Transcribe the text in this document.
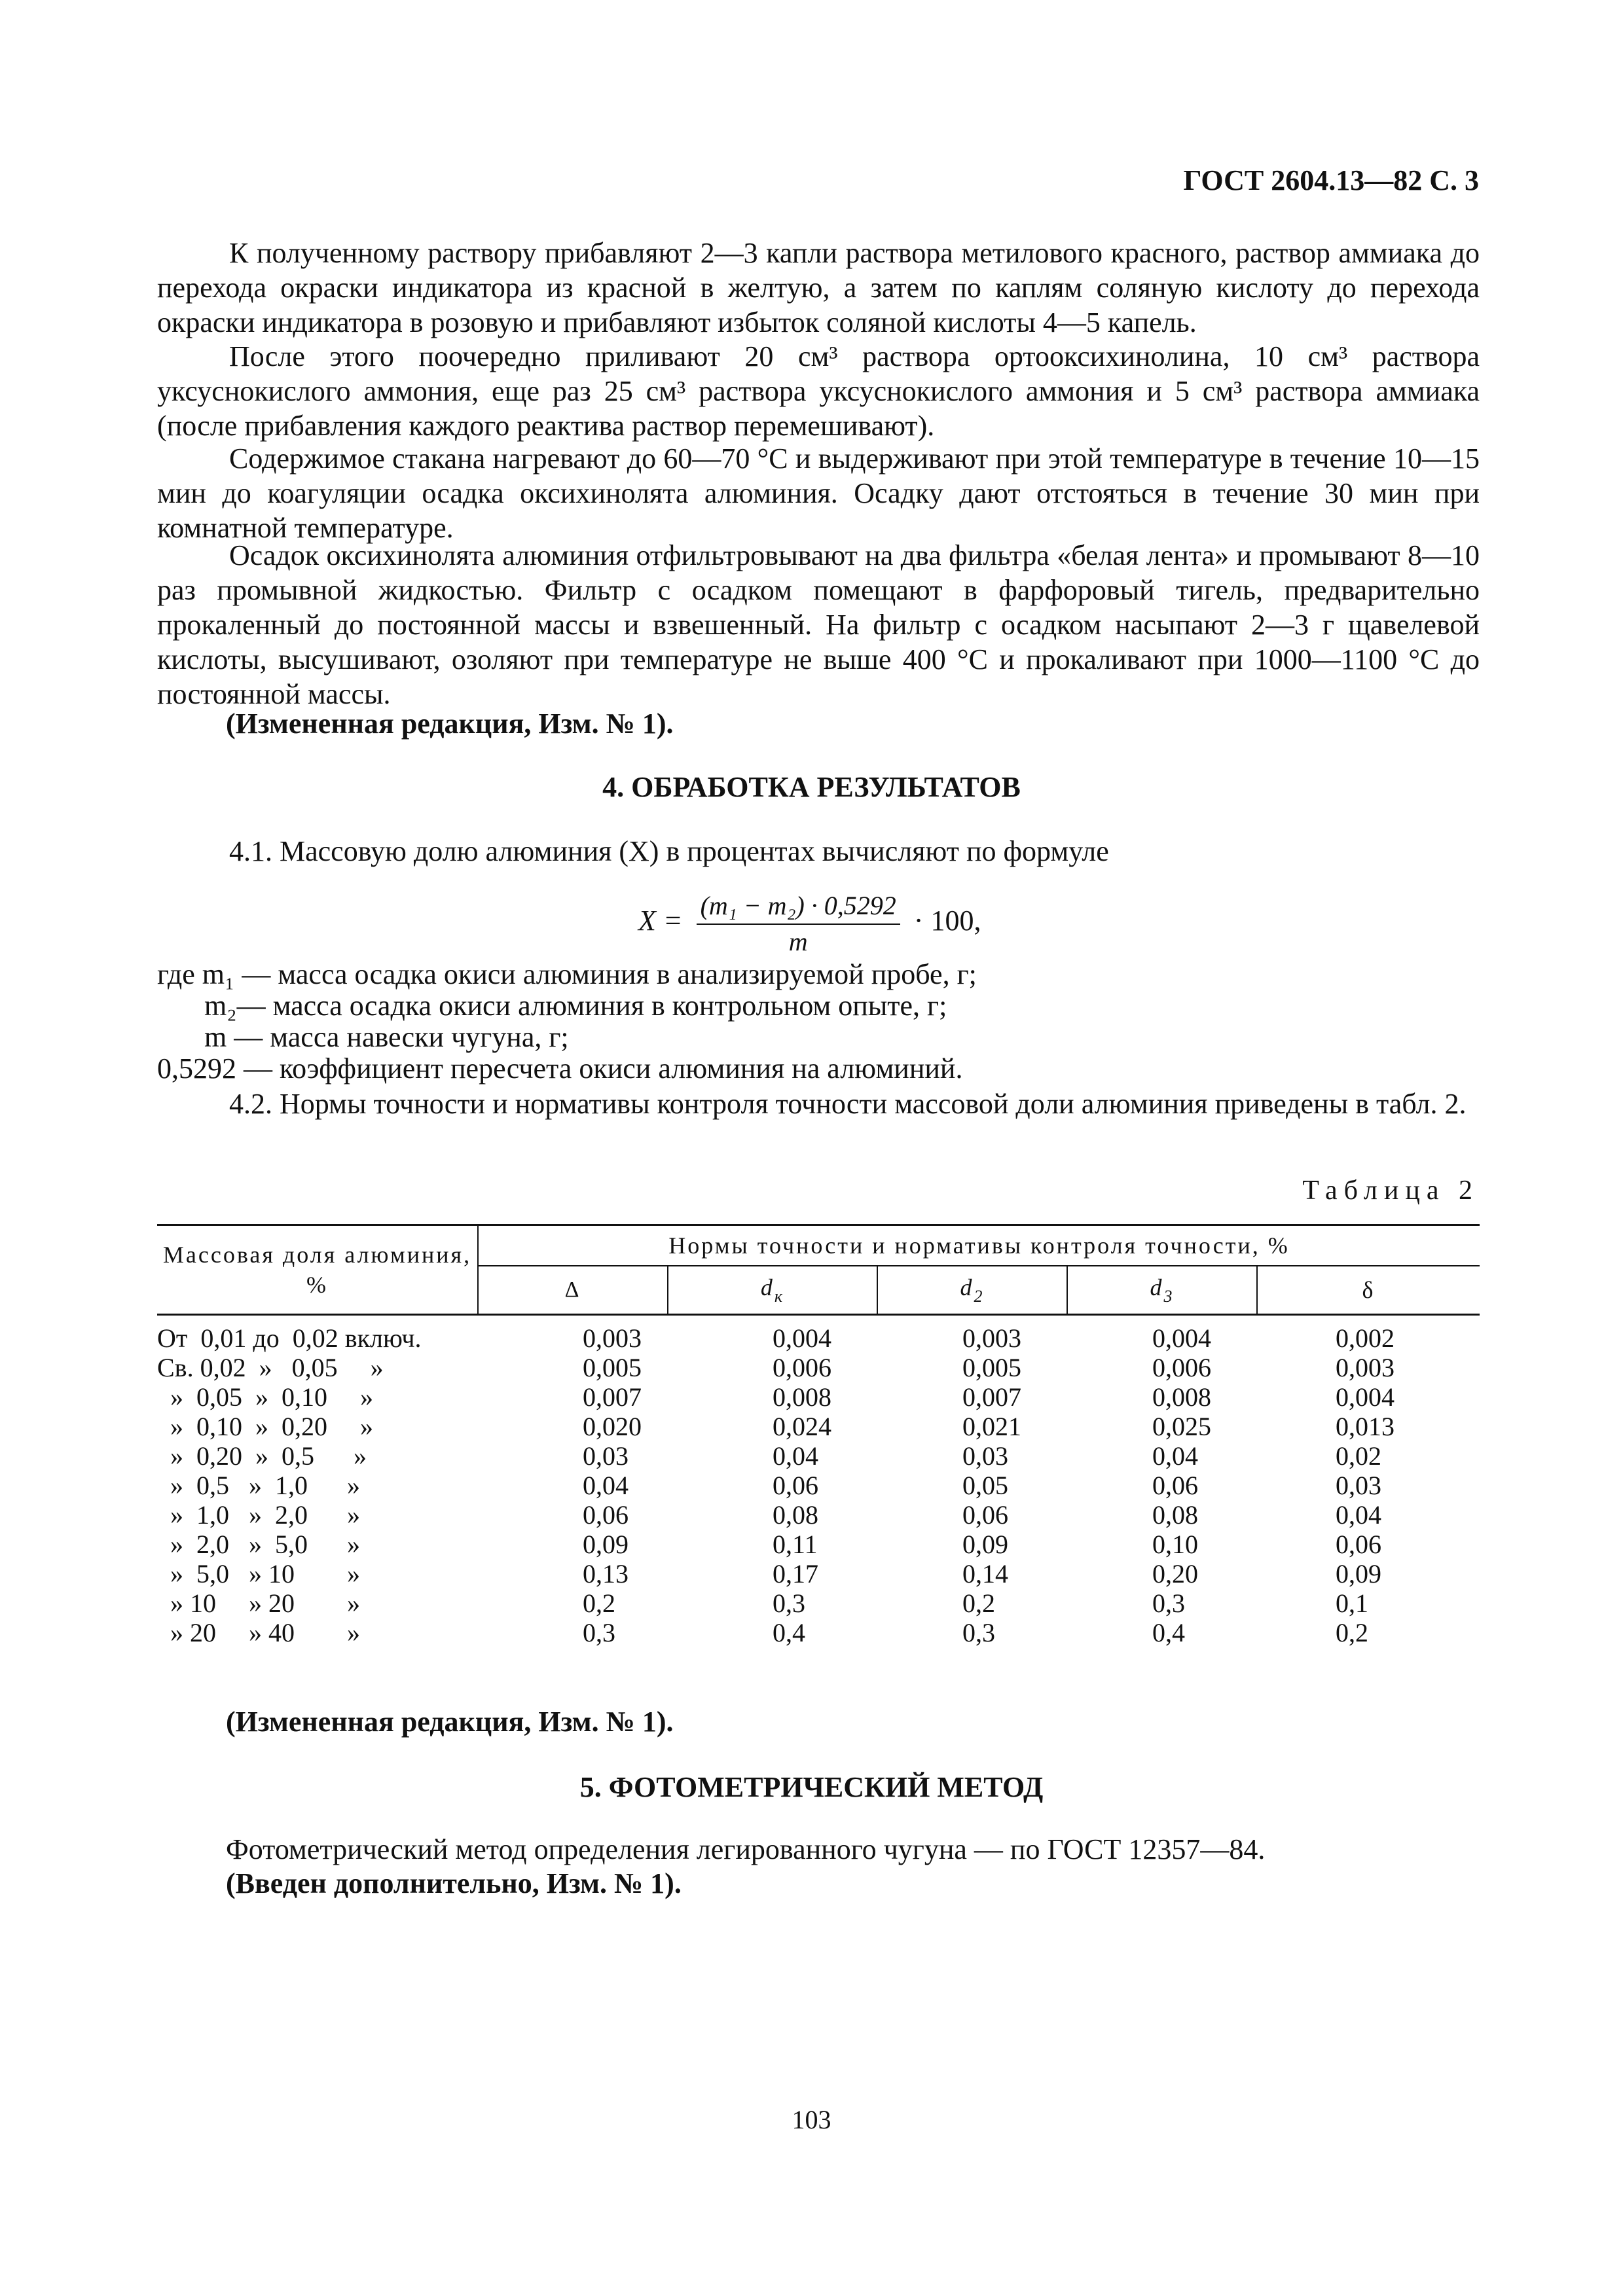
ГОСТ 2604.13—82 С. 3

К полученному раствору прибавляют 2—3 капли раствора метилового красного, раствор аммиака до перехода окраски индикатора из красной в желтую, а затем по каплям соляную кислоту до перехода окраски индикатора в розовую и прибавляют избыток соляной кислоты 4—5 капель.

После этого поочередно приливают 20 см³ раствора ортооксихинолина, 10 см³ раствора уксуснокислого аммония, еще раз 25 см³ раствора уксуснокислого аммония и 5 см³ раствора аммиака (после прибавления каждого реактива раствор перемешивают).

Содержимое стакана нагревают до 60—70 °С и выдерживают при этой температуре в течение 10—15 мин до коагуляции осадка оксихинолята алюминия. Осадку дают отстояться в течение 30 мин при комнатной температуре.

Осадок оксихинолята алюминия отфильтровывают на два фильтра «белая лента» и промывают 8—10 раз промывной жидкостью. Фильтр с осадком помещают в фарфоровый тигель, предварительно прокаленный до постоянной массы и взвешенный. На фильтр с осадком насыпают 2—3 г щавелевой кислоты, высушивают, озоляют при температуре не выше 400 °С и прокаливают при 1000—1100 °С до постоянной массы.

(Измененная редакция, Изм. № 1).
4. ОБРАБОТКА РЕЗУЛЬТАТОВ
4.1. Массовую долю алюминия (X) в процентах вычисляют по формуле
$X = \frac{\text{(m₁ − m₂) · 0,5292}}{m} \cdot 100$,
где m₁ — масса осадка окиси алюминия в анализируемой пробе, г;
m₂— масса осадка окиси алюминия в контрольном опыте, г;
m — масса навески чугуна, г;
0,5292 — коэффициент пересчета окиси алюминия на алюминий.

4.2. Нормы точности и нормативы контроля точности массовой доли алюминия приведены в табл. 2.

Таблица 2
Массовая доля алюминия, %	Нормы точности и нормативы контроля точности, %				
	Δ	$d_к$	$d_2$	$d_3$	δ
От  0,01 до  0,02 включ.	0,003	0,004	0,003	0,004	0,002
Св. 0,02  »   0,05     »	0,005	0,006	0,005	0,006	0,003
»  0,05  »  0,10     »	0,007	0,008	0,007	0,008	0,004
»  0,10  »  0,20     »	0,020	0,024	0,021	0,025	0,013
»  0,20  »  0,5      »	0,03	0,04	0,03	0,04	0,02
»  0,5   »  1,0      »	0,04	0,06	0,05	0,06	0,03
»  1,0   »  2,0      »	0,06	0,08	0,06	0,08	0,04
»  2,0   »  5,0      »	0,09	0,11	0,09	0,10	0,06
»  5,0   » 10        »	0,13	0,17	0,14	0,20	0,09
» 10     » 20        »	0,2	0,3	0,2	0,3	0,1
» 20     » 40        »	0,3	0,4	0,3	0,4	0,2
(Измененная редакция, Изм. № 1).
5. ФОТОМЕТРИЧЕСКИЙ МЕТОД
Фотометрический метод определения легированного чугуна — по ГОСТ 12357—84.
(Введен дополнительно, Изм. № 1).
103
